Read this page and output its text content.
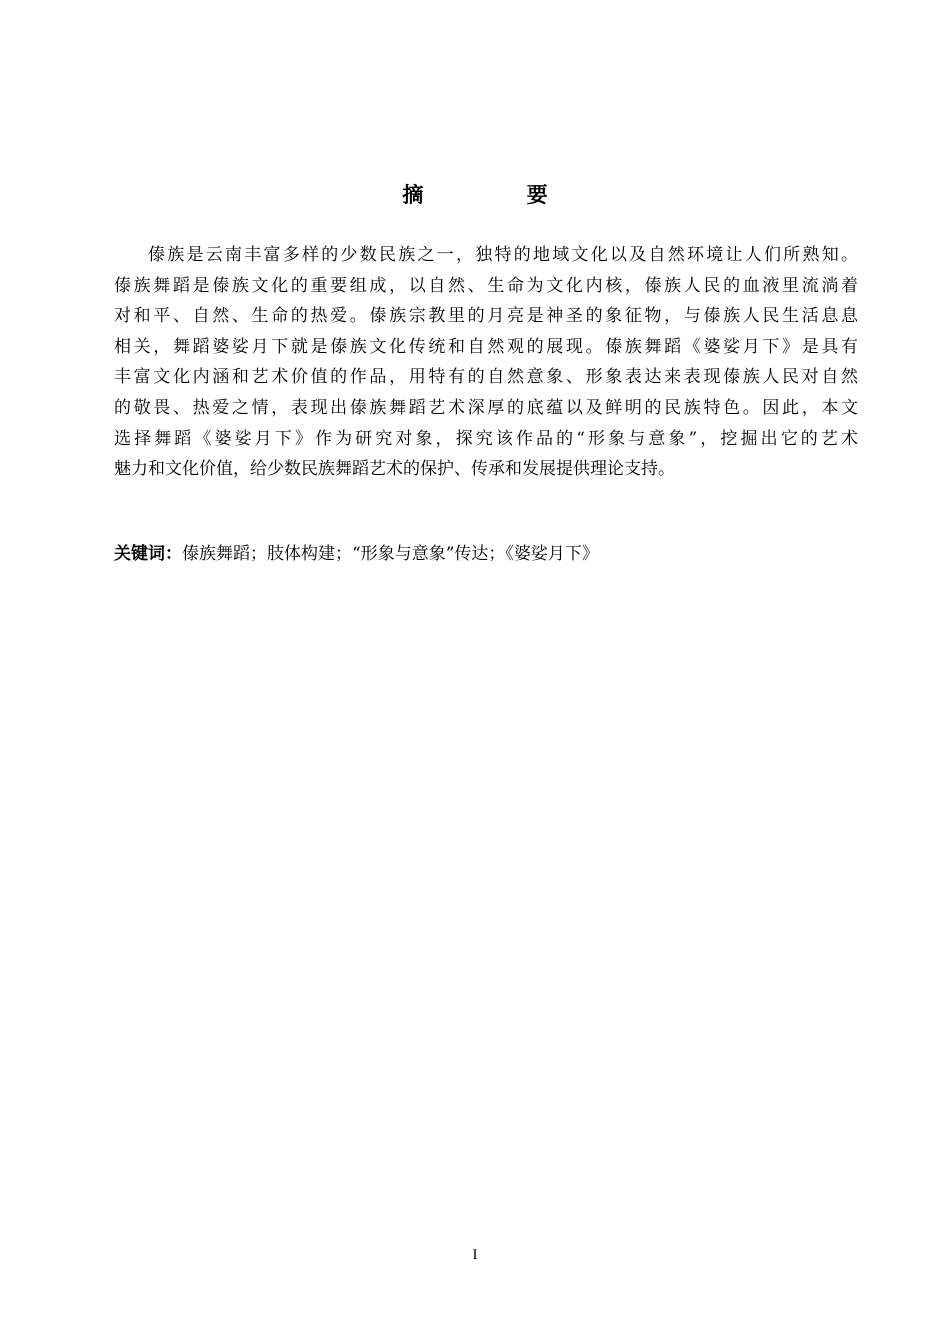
摘 要
傣族是云南丰富多样的少数民族之一，独特的地域文化以及自然环境让人们所熟知。
傣族舞蹈是傣族文化的重要组成，以自然、生命为文化内核，傣族人民的血液里流淌着
对和平、自然、生命的热爱。傣族宗教里的月亮是神圣的象征物，与傣族人民生活息息
相关，舞蹈婆娑月下就是傣族文化传统和自然观的展现。傣族舞蹈《婆娑月下》是具有
丰富文化内涵和艺术价值的作品，用特有的自然意象、形象表达来表现傣族人民对自然
的敬畏、热爱之情，表现出傣族舞蹈艺术深厚的底蕴以及鲜明的民族特色。因此，本文
选择舞蹈《婆娑月下》作为研究对象，探究该作品的“形象与意象”，挖掘出它的艺术
魅力和文化价值，给少数民族舞蹈艺术的保护、传承和发展提供理论支持。

关键词：傣族舞蹈；肢体构建；“形象与意象”传达；《婆娑月下》

I
